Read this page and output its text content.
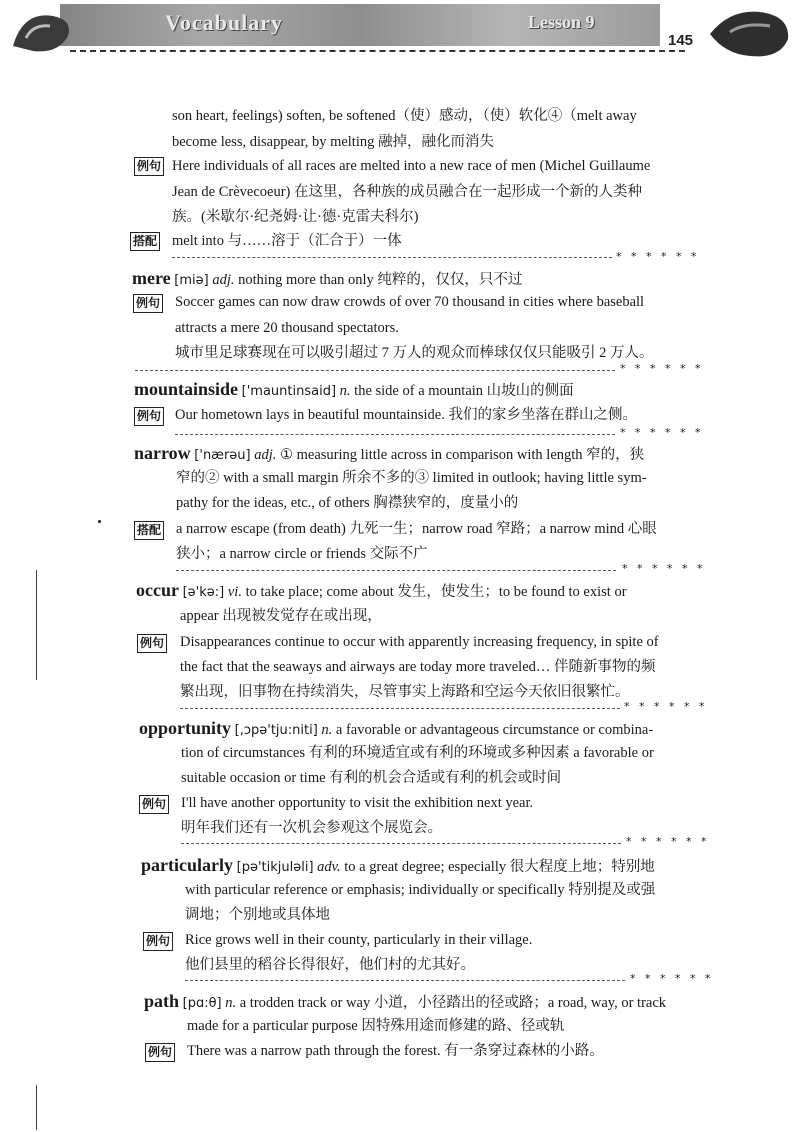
Vocabulary	Lesson 9
145
son heart, feelings) soften, be softened（使）感动，（使）软化④（melt away
become less, disappear, by melting 融掉，融化而消失
例句 Here individuals of all races are melted into a new race of men (Michel Guillaume
Jean de Crèvecoeur) 在这里，各种族的成员融合在一起形成一个新的人类种
族。(米歇尔·纪尧姆·让·德·克雷夫科尔)
搭配 melt into 与……溶于（汇合于）一体
* * * * * *
mere [miə] adj. nothing more than only 纯粹的，仅仅，只不过
例句 Soccer games can now draw crowds of over 70 thousand in cities where baseball
attracts a mere 20 thousand spectators.
城市里足球赛现在可以吸引超过 7 万人的观众而棒球仅仅只能吸引 2 万人。
* * * * * *
mountainside ['mauntinsaid] n. the side of a mountain 山坡山的侧面
例句 Our hometown lays in beautiful mountainside. 我们的家乡坐落在群山之侧。
* * * * * *
narrow ['nærəu] adj. ① measuring little across in comparison with length 窄的，狭
窄的② with a small margin 所余不多的③ limited in outlook; having little sym-
pathy for the ideas, etc., of others 胸襟狭窄的，度量小的
搭配 a narrow escape (from death) 九死一生；narrow road 窄路；a narrow mind 心眼
狭小；a narrow circle or friends 交际不广
* * * * * *
occur [ə'kə:] vi. to take place; come about 发生，使发生；to be found to exist or
appear 出现被发觉存在或出现，
例句 Disappearances continue to occur with apparently increasing frequency, in spite of
the fact that the seaways and airways are today more traveled… 伴随新事物的频
繁出现，旧事物在持续消失，尽管事实上海路和空运今天依旧很繁忙。
* * * * * *
opportunity [,ɔpə'tju:niti] n. a favorable or advantageous circumstance or combina-
tion of circumstances 有利的环境适宜或有利的环境或多种因素 a favorable or
suitable occasion or time 有利的机会合适或有利的机会或时间
例句 I'll have another opportunity to visit the exhibition next year.
明年我们还有一次机会参观这个展览会。
* * * * * *
particularly [pə'tikjuləli] adv. to a great degree; especially 很大程度上地；特别地
with particular reference or emphasis; individually or specifically 特别提及或强
调地；个别地或具体地
例句 Rice grows well in their county, particularly in their village.
他们县里的稻谷长得很好，他们村的尤其好。
* * * * * *
path [pɑ:θ] n. a trodden track or way 小道，小径踏出的径或路；a road, way, or track
made for a particular purpose 因特殊用途而修建的路、径或轨
例句 There was a narrow path through the forest. 有一条穿过森林的小路。
